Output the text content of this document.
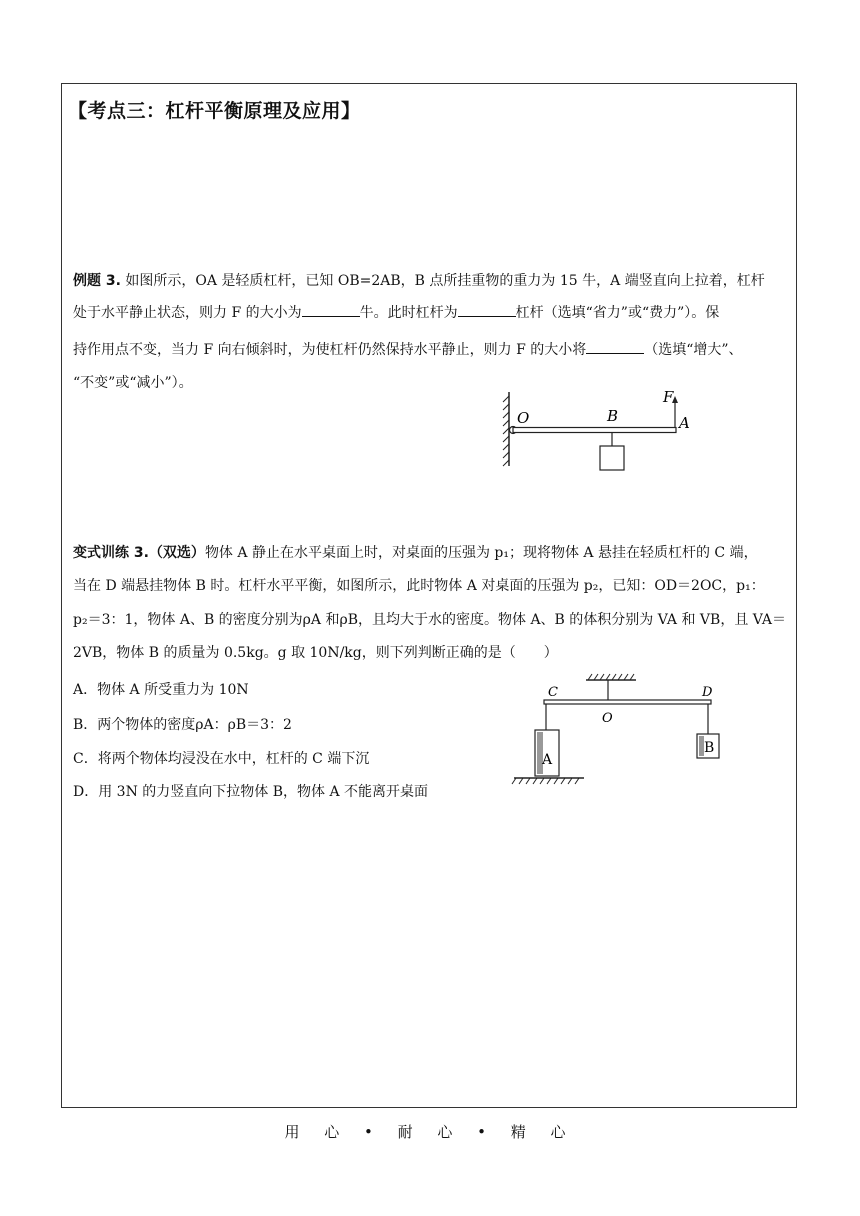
【考点三：杠杆平衡原理及应用】
例题 3. 如图所示，OA 是轻质杠杆，已知 OB=2AB，B 点所挂重物的重力为 15 牛，A 端竖直向上拉着，杠杆
处于水平静止状态，则力 F 的大小为	牛。此时杠杆为	杠杆（选填“省力”或“费力”）。保
持作用点不变，当力 F 向右倾斜时，为使杠杆仍然保持水平静止，则力 F 的大小将	（选填“增大”、
“不变”或“减小”）。
O	B
F
A
变式训练 3.（双选）物体 A 静止在水平桌面上时，对桌面的压强为 p₁；现将物体 A 悬挂在轻质杠杆的 C 端，
当在 D 端悬挂物体 B 时。杠杆水平平衡，如图所示，此时物体 A 对桌面的压强为 p₂，已知：OD＝2OC，p₁：
p₂＝3：1，物体 A、B 的密度分别为ρA 和ρB，且均大于水的密度。物体 A、B 的体积分别为 VA 和 VB，且 VA＝
2VB，物体 B 的质量为 0.5kg。g 取 10N/kg，则下列判断正确的是（　　）
A．物体 A 所受重力为 10N
B．两个物体的密度ρA：ρB＝3：2
C．将两个物体均浸没在水中，杠杆的 C 端下沉
D．用 3N 的力竖直向下拉物体 B，物体 A 不能离开桌面
C
O
D
A
B
用 心 • 耐 心 • 精 心
